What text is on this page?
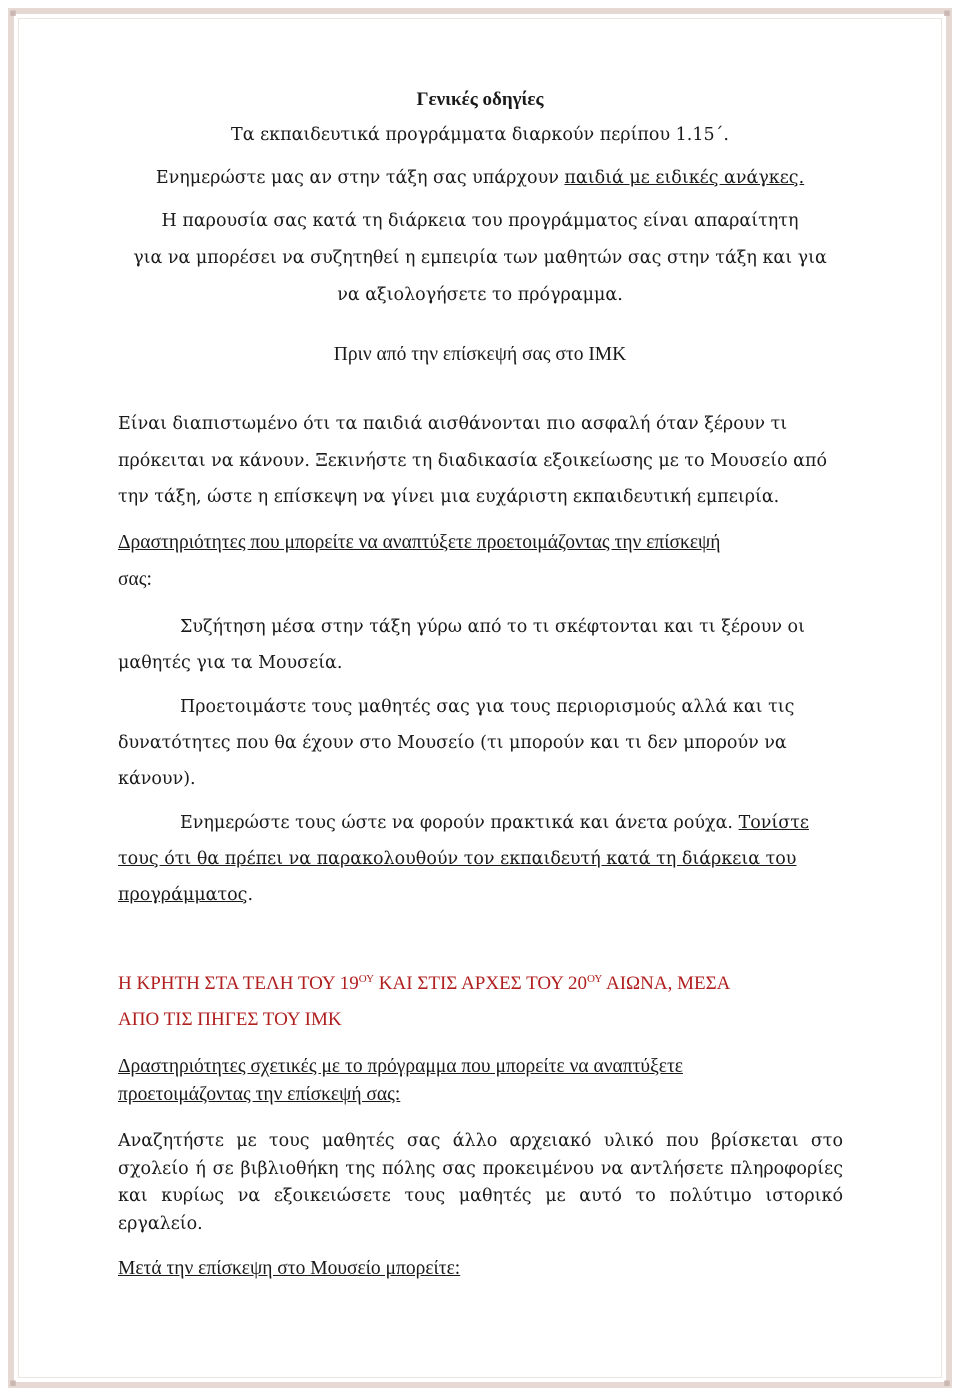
▪	▪
▪	▪
Γενικές οδηγίες
Τα εκπαιδευτικά προγράμματα διαρκούν περίπου 1.15΄.
Ενημερώστε μας αν στην τάξη σας υπάρχουν παιδιά με ειδικές ανάγκες.
Η παρουσία σας κατά τη διάρκεια του προγράμματος είναι απαραίτητη
για να μπορέσει να συζητηθεί η εμπειρία των μαθητών σας στην τάξη και για
να αξιολογήσετε το πρόγραμμα.
Πριν από την επίσκεψή σας στο ΙΜΚ
Είναι διαπιστωμένο ότι τα παιδιά αισθάνονται πιο ασφαλή όταν ξέρουν τι
πρόκειται να κάνουν. Ξεκινήστε τη διαδικασία εξοικείωσης με το Μουσείο από
την τάξη, ώστε η επίσκεψη να γίνει μια ευχάριστη εκπαιδευτική εμπειρία.
Δραστηριότητες που μπορείτε να αναπτύξετε προετοιμάζοντας την επίσκεψή
σας:
Συζήτηση μέσα στην τάξη γύρω από το τι σκέφτονται και τι ξέρουν οι
μαθητές για τα Μουσεία.
Προετοιμάστε τους μαθητές σας για τους περιορισμούς αλλά και τις
δυνατότητες που θα έχουν στο Μουσείο (τι μπορούν και τι δεν μπορούν να
κάνουν).
Ενημερώστε τους ώστε να φορούν πρακτικά και άνετα ρούχα. Τονίστε
τους ότι θα πρέπει να παρακολουθούν τον εκπαιδευτή κατά τη διάρκεια του
προγράμματος.
Η ΚΡΗΤΗ ΣΤΑ ΤΕΛΗ ΤΟΥ $19^{O\Upsilon}$ ΚΑΙ ΣΤΙΣ ΑΡΧΕΣ ΤΟΥ $20^{O\Upsilon}$ ΑΙΩΝΑ, ΜΕΣΑ
ΑΠΟ ΤΙΣ ΠΗΓΕΣ ΤΟΥ ΙΜΚ
Δραστηριότητες σχετικές με το πρόγραμμα που μπορείτε να αναπτύξετε
προετοιμάζοντας την επίσκεψή σας:
Αναζητήστε με τους μαθητές σας άλλο αρχειακό υλικό που βρίσκεται στο
σχολείο ή σε βιβλιοθήκη της πόλης σας προκειμένου να αντλήσετε πληροφορίες
και κυρίως να εξοικειώσετε τους μαθητές με αυτό το πολύτιμο ιστορικό
εργαλείο.
Μετά την επίσκεψη στο Μουσείο μπορείτε:
